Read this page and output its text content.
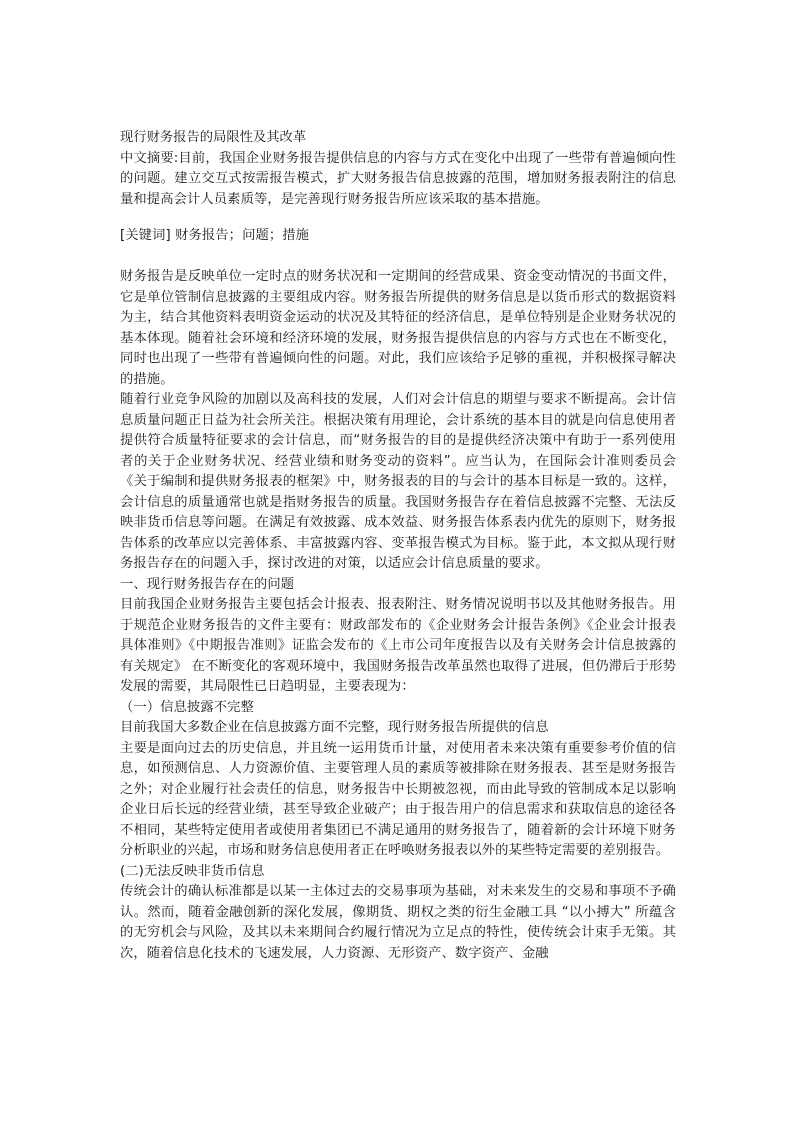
现行财务报告的局限性及其改革

中文摘要:目前，我国企业财务报告提供信息的内容与方式在变化中出现了一些带有普遍倾向性的问题。建立交互式按需报告模式，扩大财务报告信息披露的范围，增加财务报表附注的信息量和提高会计人员素质等，是完善现行财务报告所应该采取的基本措施。

[关键词] 财务报告；问题；措施

财务报告是反映单位一定时点的财务状况和一定期间的经营成果、资金变动情况的书面文件，它是单位管制信息披露的主要组成内容。财务报告所提供的财务信息是以货币形式的数据资料为主，结合其他资料表明资金运动的状况及其特征的经济信息，是单位特别是企业财务状况的基本体现。随着社会环境和经济环境的发展，财务报告提供信息的内容与方式也在不断变化，同时也出现了一些带有普遍倾向性的问题。对此，我们应该给予足够的重视，并积极探寻解决的措施。

随着行业竞争风险的加剧以及高科技的发展，人们对会计信息的期望与要求不断提高。会计信息质量问题正日益为社会所关注。根据决策有用理论，会计系统的基本目的就是向信息使用者提供符合质量特征要求的会计信息，而“财务报告的目的是提供经济决策中有助于一系列使用者的关于企业财务状况、经营业绩和财务变动的资料”。应当认为，在国际会计准则委员会《关于编制和提供财务报表的框架》中，财务报表的目的与会计的基本目标是一致的。这样，会计信息的质量通常也就是指财务报告的质量。我国财务报告存在着信息披露不完整、无法反映非货币信息等问题。在满足有效披露、成本效益、财务报告体系表内优先的原则下，财务报告体系的改革应以完善体系、丰富披露内容、变革报告模式为目标。鉴于此，本文拟从现行财务报告存在的问题入手，探讨改进的对策，以适应会计信息质量的要求。

一、现行财务报告存在的问题

目前我国企业财务报告主要包括会计报表、报表附注、财务情况说明书以及其他财务报告。用于规范企业财务报告的文件主要有：财政部发布的《企业财务会计报告条例》《企业会计报表具体准则》《中期报告准则》证监会发布的《上市公司年度报告以及有关财务会计信息披露的有关规定》 在不断变化的客观环境中，我国财务报告改革虽然也取得了进展，但仍滞后于形势发展的需要，其局限性已日趋明显，主要表现为：

（一）信息披露不完整

目前我国大多数企业在信息披露方面不完整，现行财务报告所提供的信息

主要是面向过去的历史信息，并且统一运用货币计量，对使用者未来决策有重要参考价值的信息，如预测信息、人力资源价值、主要管理人员的素质等被排除在财务报表、甚至是财务报告之外；对企业履行社会责任的信息，财务报告中长期被忽视，而由此导致的管制成本足以影响企业日后长远的经营业绩，甚至导致企业破产；由于报告用户的信息需求和获取信息的途径各不相同，某些特定使用者或使用者集团已不满足通用的财务报告了，随着新的会计环境下财务分析职业的兴起，市场和财务信息使用者正在呼唤财务报表以外的某些特定需要的差别报告。

(二)无法反映非货币信息

传统会计的确认标准都是以某一主体过去的交易事项为基础，对未来发生的交易和事项不予确认。然而，随着金融创新的深化发展，像期货、期权之类的衍生金融工具 “以小搏大” 所蕴含的无穷机会与风险，及其以未来期间合约履行情况为立足点的特性，使传统会计束手无策。其次，随着信息化技术的飞速发展，人力资源、无形资产、数字资产、金融
